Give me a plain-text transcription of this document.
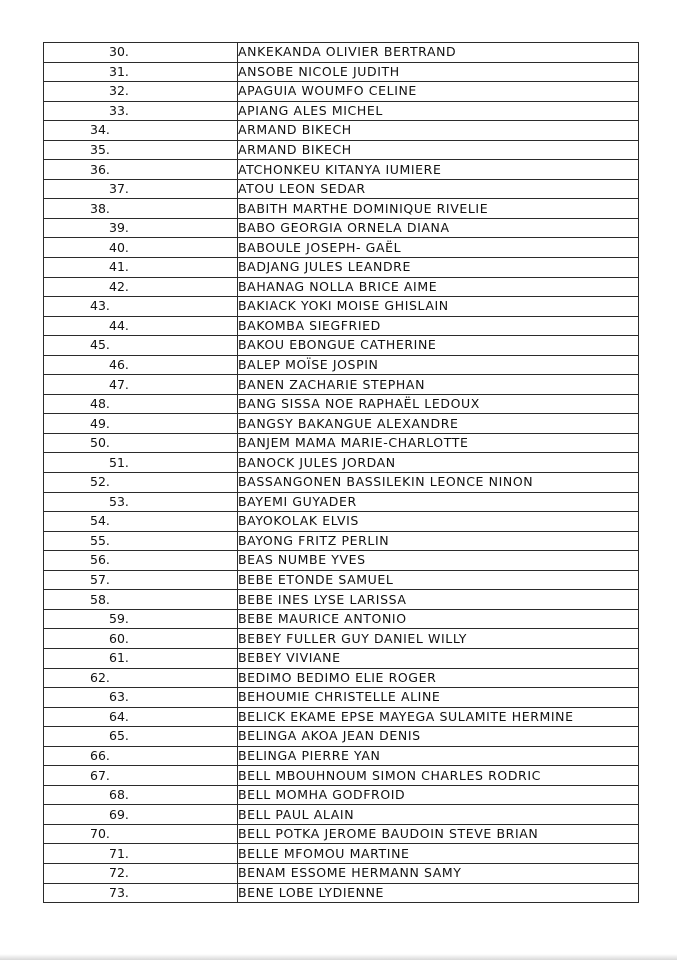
30.	ANKEKANDA OLIVIER BERTRAND
31.	ANSOBE NICOLE JUDITH
32.	APAGUIA WOUMFO CELINE
33.	APIANG ALES MICHEL
34.	ARMAND BIKECH
35.	ARMAND BIKECH
36.	ATCHONKEU KITANYA IUMIERE
37.	ATOU LEON SEDAR
38.	BABITH MARTHE DOMINIQUE RIVELIE
39.	BABO GEORGIA ORNELA DIANA
40.	BABOULE JOSEPH- GAËL
41.	BADJANG JULES LEANDRE
42.	BAHANAG NOLLA BRICE AIME
43.	BAKIACK YOKI MOISE GHISLAIN
44.	BAKOMBA SIEGFRIED
45.	BAKOU EBONGUE CATHERINE
46.	BALEP MOÏSE JOSPIN
47.	BANEN ZACHARIE STEPHAN
48.	BANG SISSA NOE RAPHAËL LEDOUX
49.	BANGSY BAKANGUE ALEXANDRE
50.	BANJEM MAMA MARIE-CHARLOTTE
51.	BANOCK JULES JORDAN
52.	BASSANGONEN BASSILEKIN LEONCE NINON
53.	BAYEMI GUYADER
54.	BAYOKOLAK ELVIS
55.	BAYONG FRITZ PERLIN
56.	BEAS NUMBE YVES
57.	BEBE ETONDE SAMUEL
58.	BEBE INES LYSE LARISSA
59.	BEBE MAURICE ANTONIO
60.	BEBEY FULLER GUY DANIEL WILLY
61.	BEBEY VIVIANE
62.	BEDIMO BEDIMO ELIE ROGER
63.	BEHOUMIE CHRISTELLE ALINE
64.	BELICK EKAME EPSE MAYEGA SULAMITE HERMINE
65.	BELINGA AKOA JEAN DENIS
66.	BELINGA PIERRE YAN
67.	BELL MBOUHNOUM SIMON CHARLES RODRIC
68.	BELL MOMHA GODFROID
69.	BELL PAUL ALAIN
70.	BELL POTKA JEROME BAUDOIN STEVE BRIAN
71.	BELLE MFOMOU MARTINE
72.	BENAM ESSOME HERMANN SAMY
73.	BENE LOBE LYDIENNE
